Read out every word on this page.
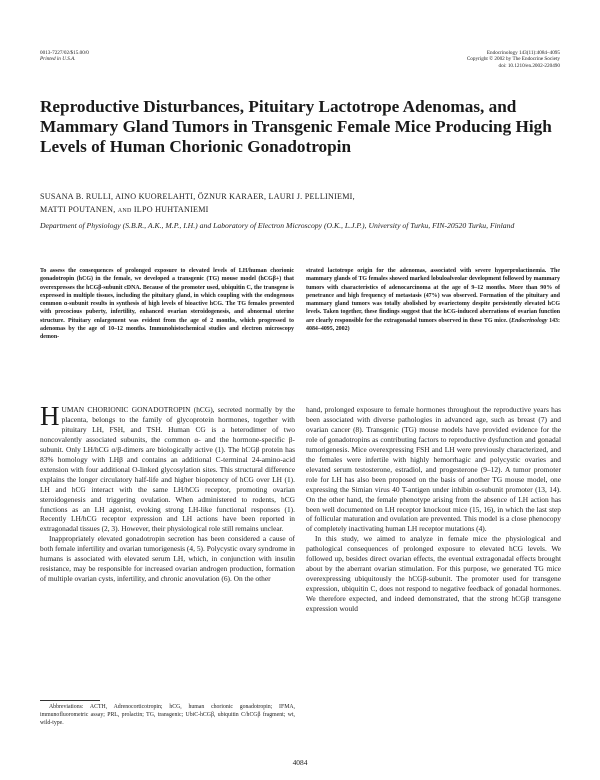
0013-7227/02/$15.00/0
Printed in U.S.A.
Endocrinology 143(11):4084–4095
Copyright © 2002 by The Endocrine Society
doi: 10.1210/en.2002-220490
Reproductive Disturbances, Pituitary Lactotrope Adenomas, and Mammary Gland Tumors in Transgenic Female Mice Producing High Levels of Human Chorionic Gonadotropin
SUSANA B. RULLI, AINO KUORELAHTI, ÖZNUR KARAER, LAURI J. PELLINIEMI,
MATTI POUTANEN, and ILPO HUHTANIEMI
Department of Physiology (S.B.R., A.K., M.P., I.H.) and Laboratory of Electron Microscopy (O.K., L.J.P.), University of Turku, FIN-20520 Turku, Finland
To assess the consequences of prolonged exposure to elevated levels of LH/human chorionic gonadotropin (hCG) in the female, we developed a transgenic (TG) mouse model (hCGβ+) that overexpresses the hCGβ-subunit cDNA. Because of the promoter used, ubiquitin C, the transgene is expressed in multiple tissues, including the pituitary gland, in which coupling with the endogenous common α-subunit results in synthesis of high levels of bioactive hCG. The TG females presented with precocious puberty, infertility, enhanced ovarian steroidogenesis, and abnormal uterine structure. Pituitary enlargement was evident from the age of 2 months, which progressed to adenomas by the age of 10–12 months. Immunohistochemical studies and electron microscopy demon-
strated lactotrope origin for the adenomas, associated with severe hyperprolactinemia. The mammary glands of TG females showed marked lobuloalveolar development followed by mammary tumors with characteristics of adenocarcinoma at the age of 9–12 months. More than 90% of penetrance and high frequency of metastasis (47%) was observed. Formation of the pituitary and mammary gland tumors was totally abolished by ovariectomy despite persistently elevated hCG levels. Taken together, these findings suggest that the hCG-induced aberrations of ovarian function are clearly responsible for the extragonadal tumors observed in these TG mice. (Endocrinology 143: 4084–4095, 2002)

HUMAN CHORIONIC GONADOTROPIN (hCG), secreted normally by the placenta, belongs to the family of glycoprotein hormones, together with pituitary LH, FSH, and TSH. Human CG is a heterodimer of two noncovalently associated subunits, the common α- and the hormone-specific β-subunit. Only LH/hCG α/β-dimers are biologically active (1). The hCGβ protein has 83% homology with LHβ and contains an additional C-terminal 24-amino-acid extension with four additional O-linked glycosylation sites. This structural difference explains the longer circulatory half-life and higher biopotency of hCG over LH (1). LH and hCG interact with the same LH/hCG receptor, promoting ovarian steroidogenesis and triggering ovulation. When administered to rodents, hCG functions as an LH agonist, evoking strong LH-like functional responses (1). Recently LH/hCG receptor expression and LH actions have been reported in extragonadal tissues (2, 3). However, their physiological role still remains unclear.

Inappropriately elevated gonadotropin secretion has been considered a cause of both female infertility and ovarian tumorigenesis (4, 5). Polycystic ovary syndrome in humans is associated with elevated serum LH, which, in conjunction with insulin resistance, may be responsible for increased ovarian androgen production, formation of multiple ovarian cysts, infertility, and chronic anovulation (6). On the other

hand, prolonged exposure to female hormones throughout the reproductive years has been associated with diverse pathologies in advanced age, such as breast (7) and ovarian cancer (8). Transgenic (TG) mouse models have provided evidence for the role of gonadotropins as contributing factors to reproductive dysfunction and gonadal tumorigenesis. Mice overexpressing FSH and LH were previously characterized, and the females were infertile with highly hemorrhagic and polycystic ovaries and elevated serum testosterone, estradiol, and progesterone (9–12). A tumor promoter role for LH has also been proposed on the basis of another TG mouse model, one expressing the Simian virus 40 T-antigen under inhibin α-subunit promoter (13, 14). On the other hand, the female phenotype arising from the absence of LH action has been well documented on LH receptor knockout mice (15, 16), in which the last step of follicular maturation and ovulation are prevented. This model is a close phenocopy of completely inactivating human LH receptor mutations (4).

In this study, we aimed to analyze in female mice the physiological and pathological consequences of prolonged exposure to elevated hCG levels. We followed up, besides direct ovarian effects, the eventual extragonadal effects brought about by the aberrant ovarian stimulation. For this purpose, we generated TG mice overexpressing ubiquitously the hCGβ-subunit. The promoter used for transgene expression, ubiquitin C, does not respond to negative feedback of gonadal hormones. We therefore expected, and indeed demonstrated, that the strong hCGβ transgene expression would

Abbreviations: ACTH, Adrenocorticotropin; hCG, human chorionic gonadotropin; IFMA, immunofluorometric assay; PRL, prolactin; TG, transgenic; UbiC-hCGβ, ubiquitin C/hCGβ fragment; wt, wild-type.
4084
